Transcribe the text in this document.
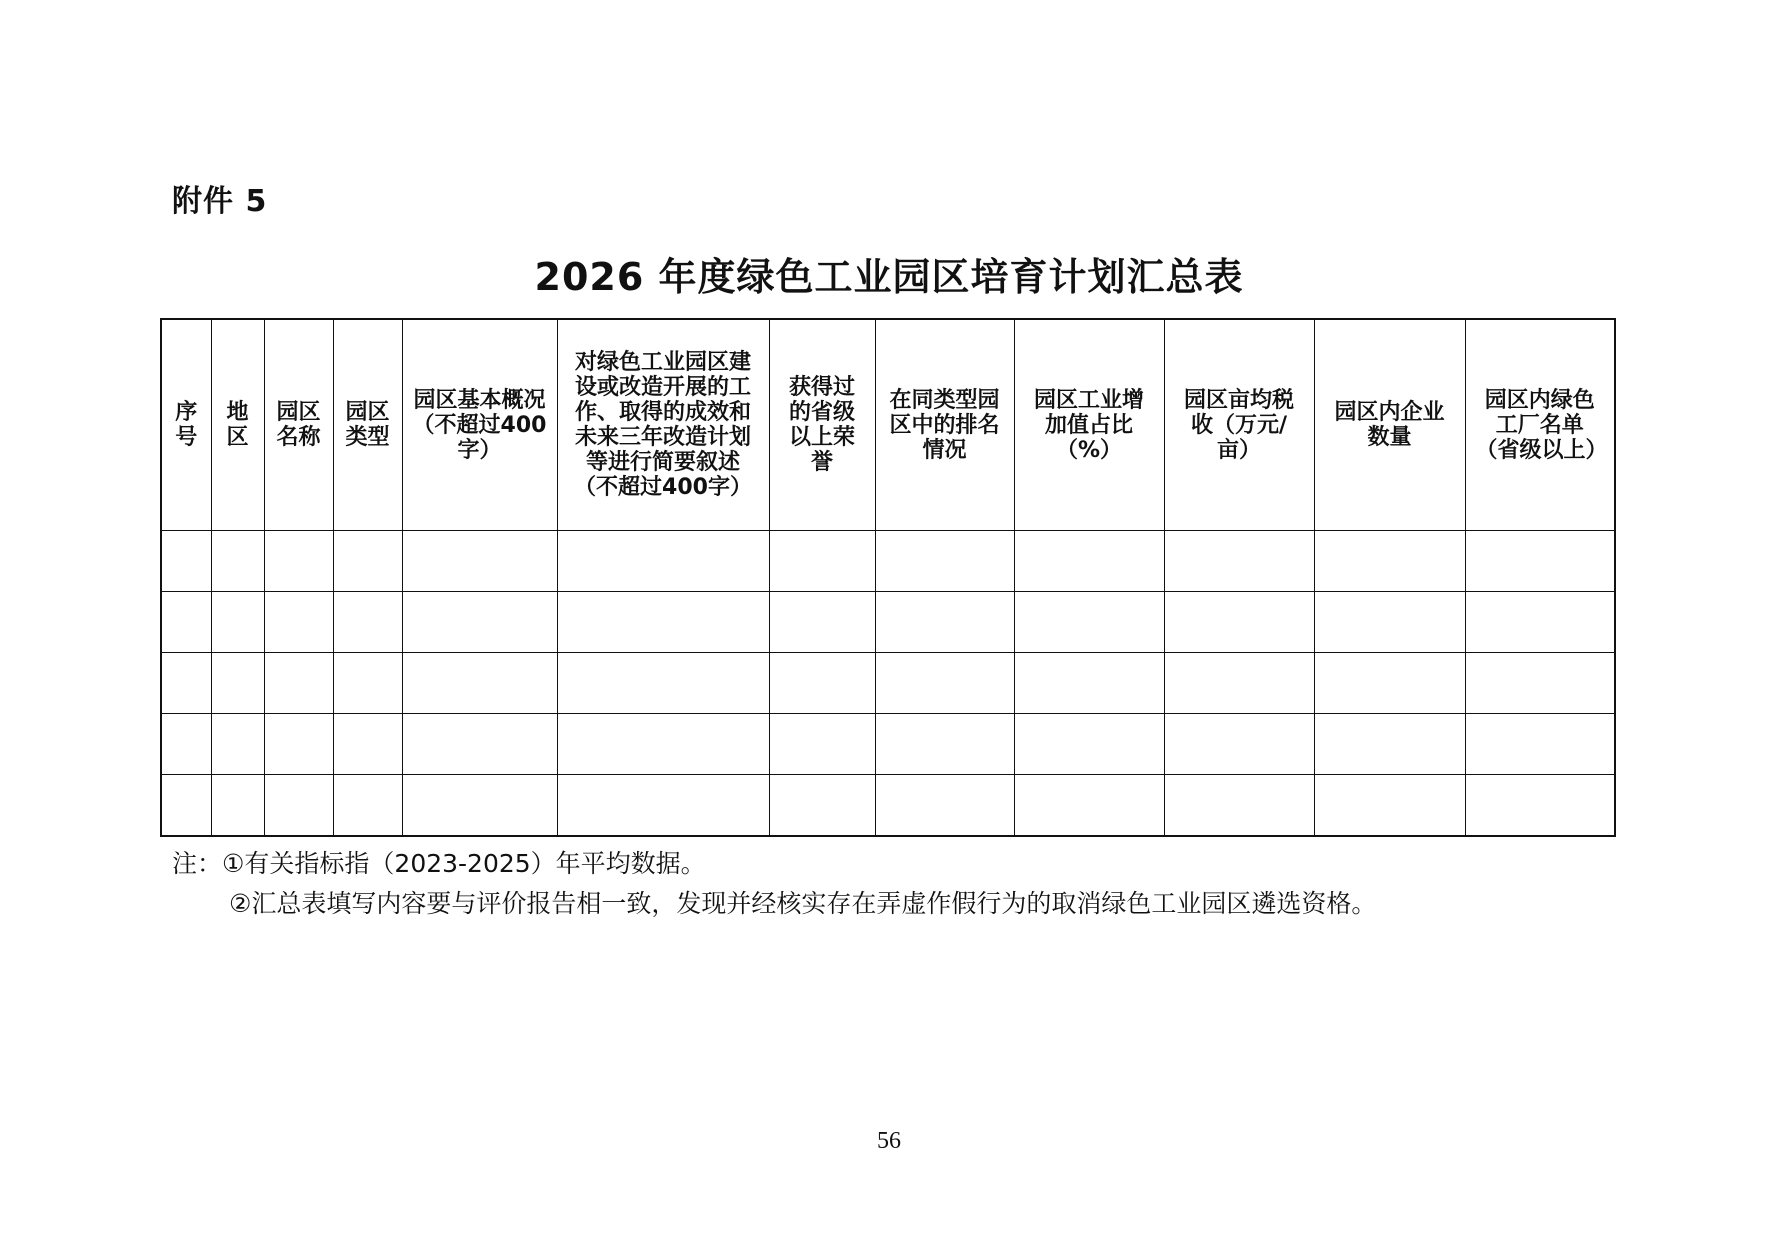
附件 5
2026 年度绿色工业园区培育计划汇总表
序号	地区	园区名称	园区类型	园区基本概况（不超过400字）	对绿色工业园区建设或改造开展的工作、取得的成效和未来三年改造计划等进行简要叙述（不超过400字）	获得过的省级以上荣誉	在同类型园区中的排名情况	园区工业增加值占比（%）	园区亩均税收（万元/亩）	园区内企业数量	园区内绿色工厂名单（省级以上）

注：①有关指标指（2023-2025）年平均数据。
②汇总表填写内容要与评价报告相一致，发现并经核实存在弄虚作假行为的取消绿色工业园区遴选资格。
56
